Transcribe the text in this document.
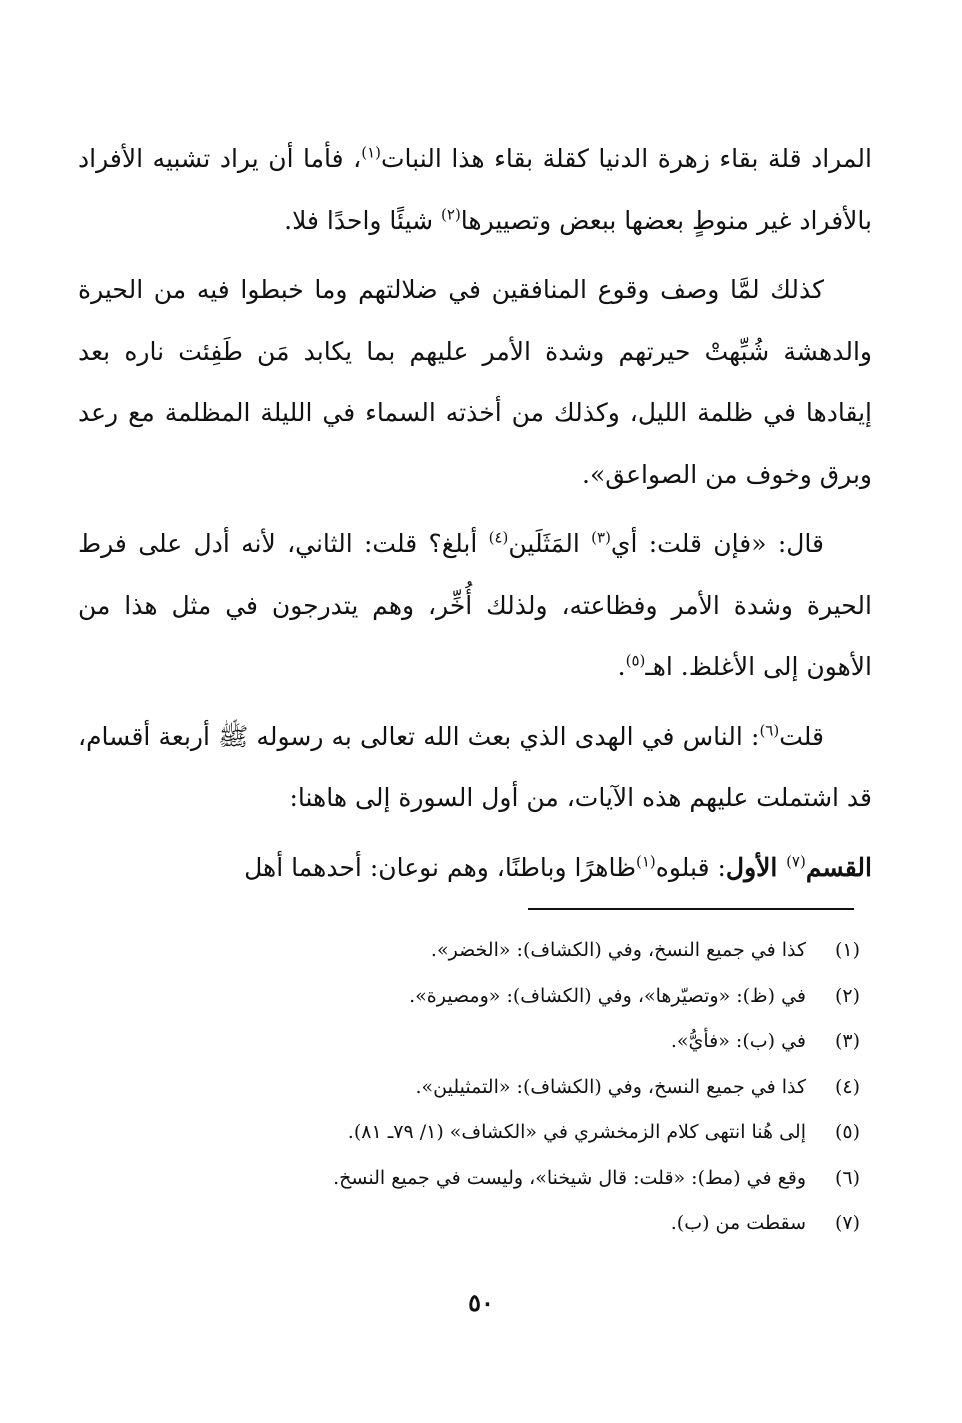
المراد قلة بقاء زهرة الدنيا كقلة بقاء هذا النبات$^{(١)}$، فأما أن يراد تشبيه الأفراد بالأفراد غير منوطٍ بعضها ببعض وتصييرها$^{(٢)}$ شيئًا واحدًا فلا.

كذلك لمَّا وصف وقوع المنافقين في ضلالتهم وما خبطوا فيه من الحيرة والدهشة شُبِّهتْ حيرتهم وشدة الأمر عليهم بما يكابد مَن طَفِئت ناره بعد إيقادها في ظلمة الليل، وكذلك من أخذته السماء في الليلة المظلمة مع رعد وبرق وخوف من الصواعق».

قال: «فإن قلت: أي$^{(٣)}$ المَثَلَين$^{(٤)}$ أبلغ؟ قلت: الثاني، لأنه أدل على فرط الحيرة وشدة الأمر وفظاعته، ولذلك أُخِّر، وهم يتدرجون في مثل هذا من الأهون إلى الأغلظ. اهـ$^{(٥)}$.

قلت$^{(٦)}$: الناس في الهدى الذي بعث الله تعالى به رسوله ﷺ أربعة أقسام، قد اشتملت عليهم هذه الآيات، من أول السورة إلى هاهنا:

القسم$^{(٧)}$ الأول: قبلوه$^{(١)}$ظاهرًا وباطنًا، وهم نوعان: أحدهما أهل

(١)كذا في جميع النسخ، وفي (الكشاف): «الخضر».
(٢)في (ظ): «وتصيّرها»، وفي (الكشاف): «ومصيرة».
(٣)في (ب): «فأيُّ».
(٤)كذا في جميع النسخ، وفي (الكشاف): «التمثيلين».
(٥)إلى هُنا انتهى كلام الزمخشري في «الكشاف» (١/ ٧٩ـ ٨١).
(٦)وقع في (مط): «قلت: قال شيخنا»، وليست في جميع النسخ.
(٧)سقطت من (ب).
٥٠
